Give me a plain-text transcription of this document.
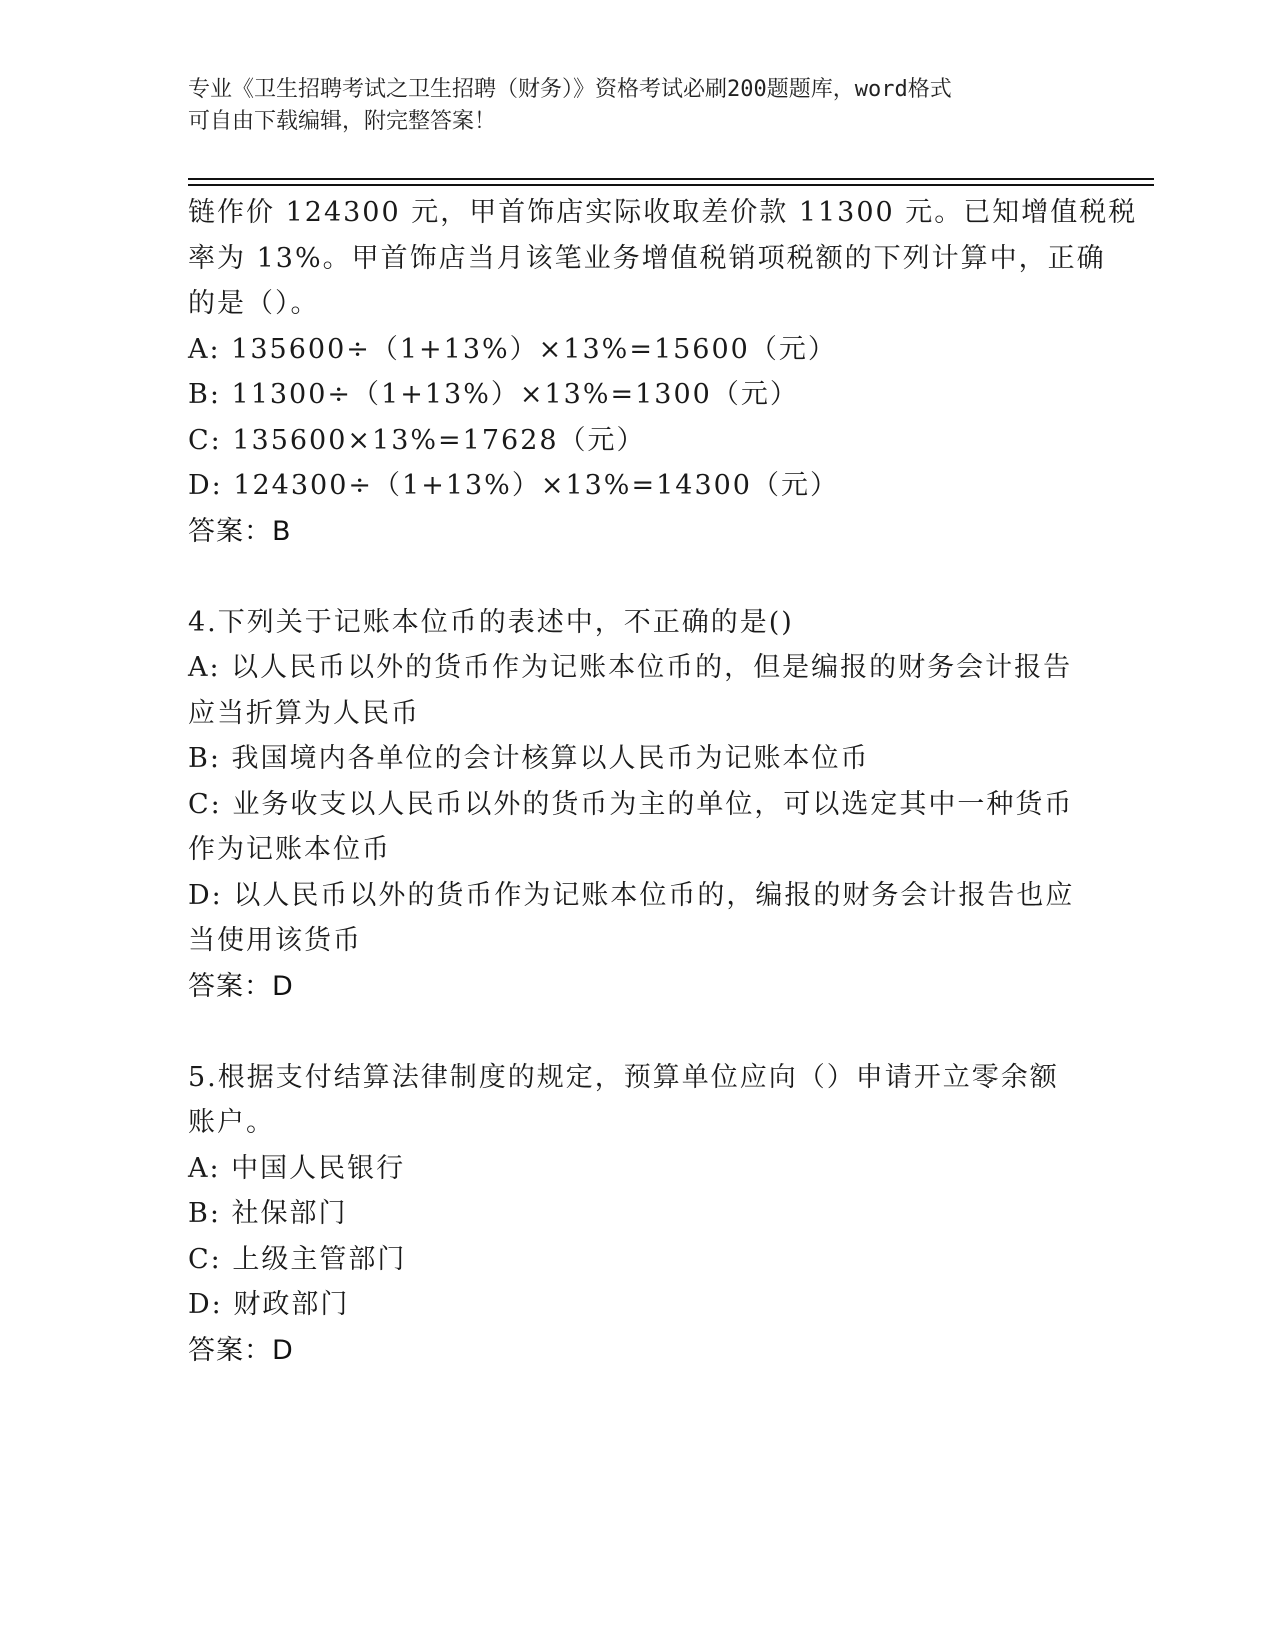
专业《卫生招聘考试之卫生招聘（财务）》资格考试必刷200题题库，word格式
可自由下载编辑，附完整答案！
链作价 124300 元，甲首饰店实际收取差价款 11300 元。已知增值税税
率为 13%。甲首饰店当月该笔业务增值税销项税额的下列计算中，正确
的是（）。
A: 135600÷（1+13%）×13%=15600（元）
B: 11300÷（1+13%）×13%=1300（元）
C: 135600×13%=17628（元）
D: 124300÷（1+13%）×13%=14300（元）
答案：B
4.下列关于记账本位币的表述中，不正确的是()
A: 以人民币以外的货币作为记账本位币的，但是编报的财务会计报告
应当折算为人民币
B: 我国境内各单位的会计核算以人民币为记账本位币
C: 业务收支以人民币以外的货币为主的单位，可以选定其中一种货币
作为记账本位币
D: 以人民币以外的货币作为记账本位币的，编报的财务会计报告也应
当使用该货币
答案：D
5.根据支付结算法律制度的规定，预算单位应向（）申请开立零余额
账户。
A: 中国人民银行
B: 社保部门
C: 上级主管部门
D: 财政部门
答案：D
